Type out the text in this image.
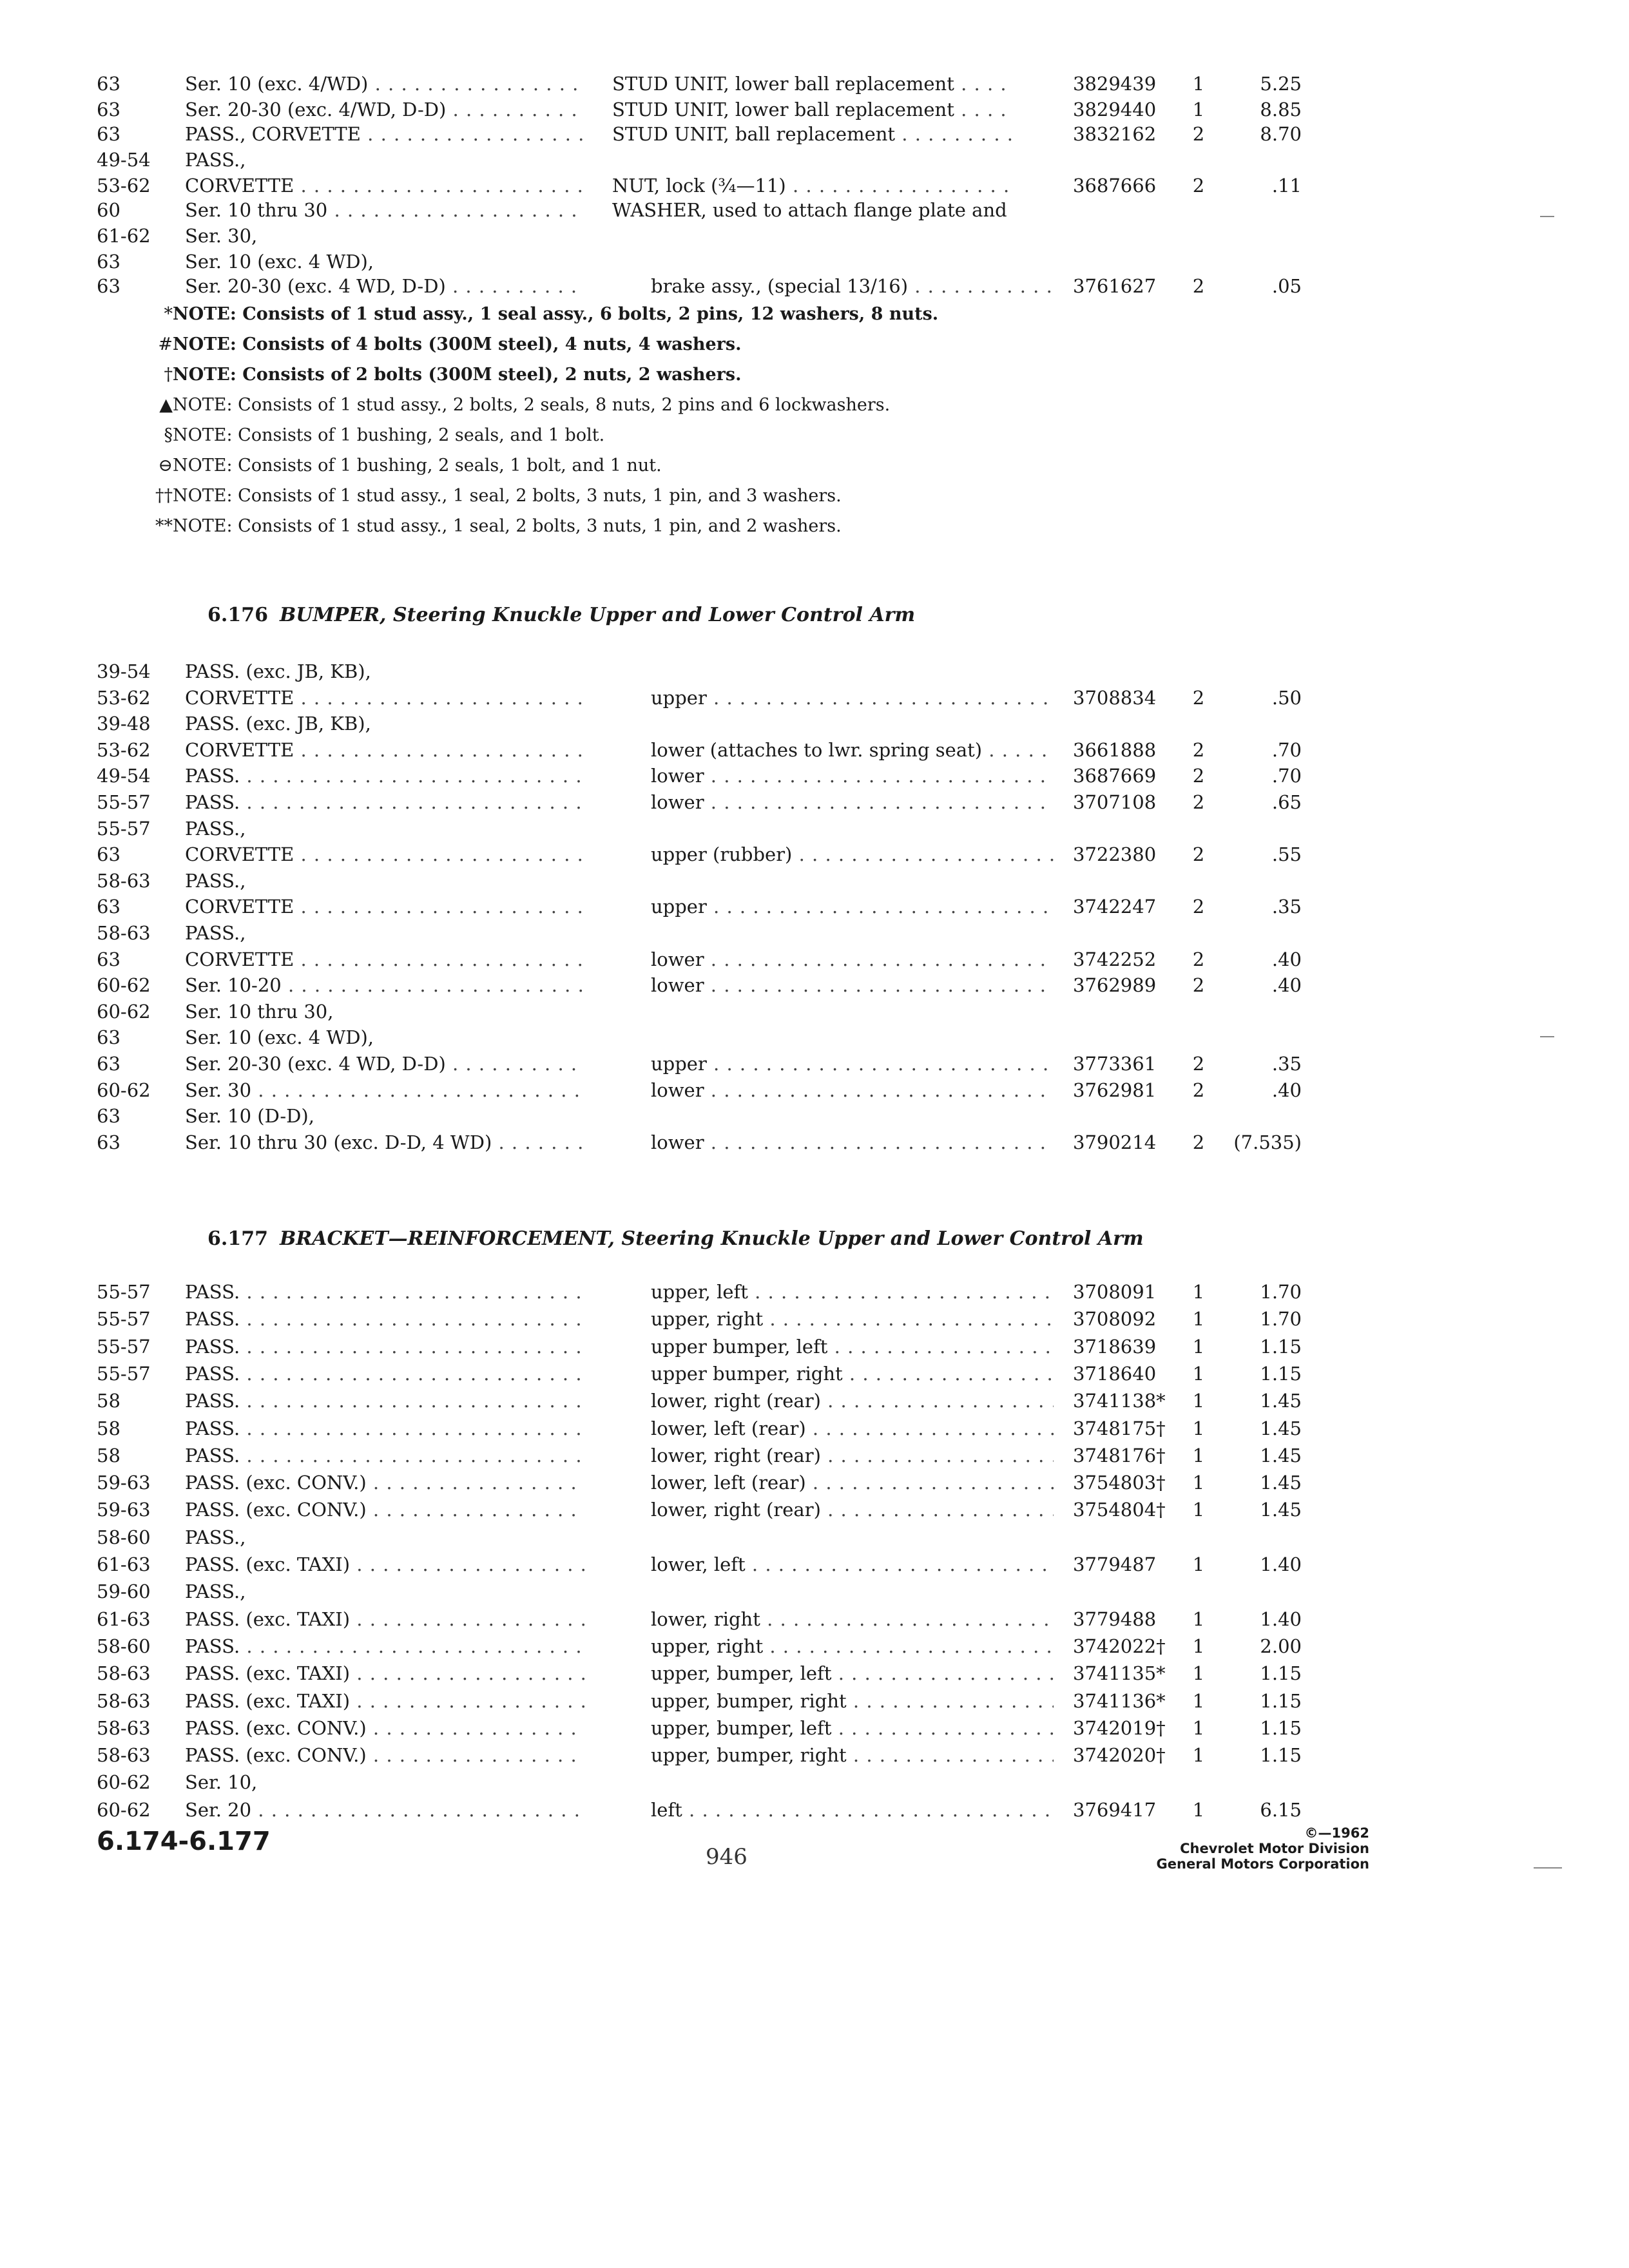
63	Ser. 10 (exc. 4/WD) . . .	STUD UNIT, lower ball replacement . . .	3829439	1	5.25
63	Ser. 20-30 (exc. 4/WD, D-D) . . .	STUD UNIT, lower ball replacement . . .	3829440	1	8.85
63	PASS., CORVETTE . . .	STUD UNIT, ball replacement . . .	3832162	2	8.70
49-54	PASS.,
53-62	CORVETTE . . .	NUT, lock (¾—11) . . .	3687666	2	.11
60	Ser. 10 thru 30 . . .	WASHER, used to attach flange plate and
61-62	Ser. 30,
63	Ser. 10 (exc. 4 WD),
63	Ser. 20-30 (exc. 4 WD, D-D) . . .	brake assy., (special 13/16) . . .	3761627	2	.05
*NOTE: Consists of 1 stud assy., 1 seal assy., 6 bolts, 2 pins, 12 washers, 8 nuts.
#NOTE: Consists of 4 bolts (300M steel), 4 nuts, 4 washers.
†NOTE: Consists of 2 bolts (300M steel), 2 nuts, 2 washers.
▲NOTE: Consists of 1 stud assy., 2 bolts, 2 seals, 8 nuts, 2 pins and 6 lockwashers.
§NOTE: Consists of 1 bushing, 2 seals, and 1 bolt.
⊖NOTE: Consists of 1 bushing, 2 seals, 1 bolt, and 1 nut.
††NOTE: Consists of 1 stud assy., 1 seal, 2 bolts, 3 nuts, 1 pin, and 3 washers.
**NOTE: Consists of 1 stud assy., 1 seal, 2 bolts, 3 nuts, 1 pin, and 2 washers.
6.176 BUMPER, Steering Knuckle Upper and Lower Control Arm
39-54	PASS. (exc. JB, KB),
53-62	CORVETTE . . .	upper . . .	3708834	2	.50
39-48	PASS. (exc. JB, KB),
53-62	CORVETTE . . .	lower (attaches to lwr. spring seat) . . .	3661888	2	.70
49-54	PASS. . . .	lower . . .	3687669	2	.70
55-57	PASS. . . .	lower . . .	3707108	2	.65
55-57	PASS.,
63	CORVETTE . . .	upper (rubber) . . .	3722380	2	.55
58-63	PASS.,
63	CORVETTE . . .	upper . . .	3742247	2	.35
58-63	PASS.,
63	CORVETTE . . .	lower . . .	3742252	2	.40
60-62	Ser. 10-20 . . .	lower . . .	3762989	2	.40
60-62	Ser. 10 thru 30,
63	Ser. 10 (exc. 4 WD),
63	Ser. 20-30 (exc. 4 WD, D-D) . . .	upper . . .	3773361	2	.35
60-62	Ser. 30 . . .	lower . . .	3762981	2	.40
63	Ser. 10 (D-D),
63	Ser. 10 thru 30 (exc. D-D, 4 WD) . . .	lower . . .	3790214	2	(7.535)
6.177 BRACKET—REINFORCEMENT, Steering Knuckle Upper and Lower Control Arm
55-57	PASS. . . .	upper, left . . .	3708091	1	1.70
55-57	PASS. . . .	upper, right . . .	3708092	1	1.70
55-57	PASS. . . .	upper bumper, left . . .	3718639	1	1.15
55-57	PASS. . . .	upper bumper, right . . .	3718640	1	1.15
58	PASS. . . .	lower, right (rear) . . .	3741138*	1	1.45
58	PASS. . . .	lower, left (rear) . . .	3748175†	1	1.45
58	PASS. . . .	lower, right (rear) . . .	3748176†	1	1.45
59-63	PASS. (exc. CONV.) . . .	lower, left (rear) . . .	3754803†	1	1.45
59-63	PASS. (exc. CONV.) . . .	lower, right (rear) . . .	3754804†	1	1.45
58-60	PASS.,
61-63	PASS. (exc. TAXI) . . .	lower, left . . .	3779487	1	1.40
59-60	PASS.,
61-63	PASS. (exc. TAXI) . . .	lower, right . . .	3779488	1	1.40
58-60	PASS. . . .	upper, right . . .	3742022†	1	2.00
58-63	PASS. (exc. TAXI) . . .	upper, bumper, left . . .	3741135*	1	1.15
58-63	PASS. (exc. TAXI) . . .	upper, bumper, right . . .	3741136*	1	1.15
58-63	PASS. (exc. CONV.) . . .	upper, bumper, left . . .	3742019†	1	1.15
58-63	PASS. (exc. CONV.) . . .	upper, bumper, right . . .	3742020†	1	1.15
60-62	Ser. 10,
60-62	Ser. 20 . . .	left . . .	3769417	1	6.15
6.174-6.177
946
©—1962
Chevrolet Motor Division
General Motors Corporation
